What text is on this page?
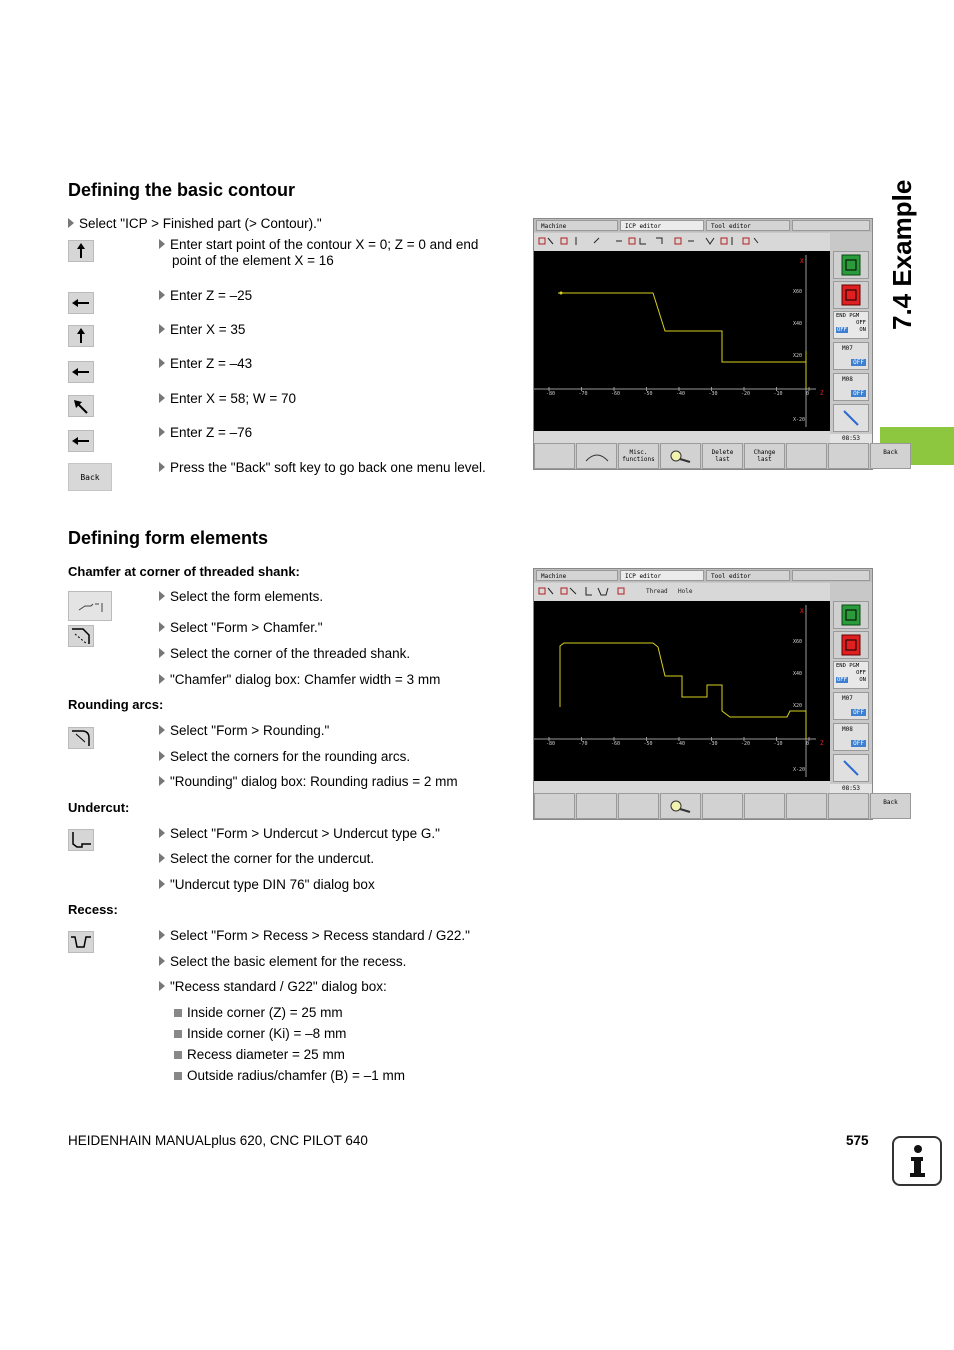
7.4 Example
Defining the basic contour
Select "ICP > Finished part (> Contour)."
Enter start point of the contour X = 0; Z = 0 and end
point of the element X = 16
Enter Z = –25
Enter X = 35
Enter Z = –43
Enter X = 58; W = 70
Enter Z = –76
Back
Press the "Back" soft key to go back one menu level.
Machine	ICP editor	Tool editor
-80	-70	-60	-50	-40	-30	-20	-10	0
X60
X40
X20
X-20
X
Z
END PGM
OFF
OFF ON
M07
OFF
M08
OFF
08:53
Misc. functions
Delete last
Change last
Back
Defining form elements
Chamfer at corner of threaded shank:
Select the form elements.
Select "Form > Chamfer."
Select the corner of the threaded shank.
"Chamfer" dialog box: Chamfer width = 3 mm
Rounding arcs:
Select "Form > Rounding."
Select the corners for the rounding arcs.
"Rounding" dialog box: Rounding radius = 2 mm
Undercut:
Select "Form > Undercut > Undercut type G."
Select the corner for the undercut.
"Undercut type DIN 76" dialog box
Recess:
Select "Form > Recess > Recess standard / G22."
Select the basic element for the recess.
"Recess standard / G22" dialog box:
Inside corner (Z) = 25 mm
Inside corner (Ki) = –8 mm
Recess diameter = 25 mm
Outside radius/chamfer (B) = –1 mm
Machine	ICP editor	Tool editor
Thread Hole
-80	-70	-60	-50	-40	-30	-20	-10	0
X60
X40
X20
X-20
X
Z
END PGM
OFF
OFF ON
M07
OFF
M08
OFF
08:53
Back
HEIDENHAIN MANUALplus 620, CNC PILOT 640	575
